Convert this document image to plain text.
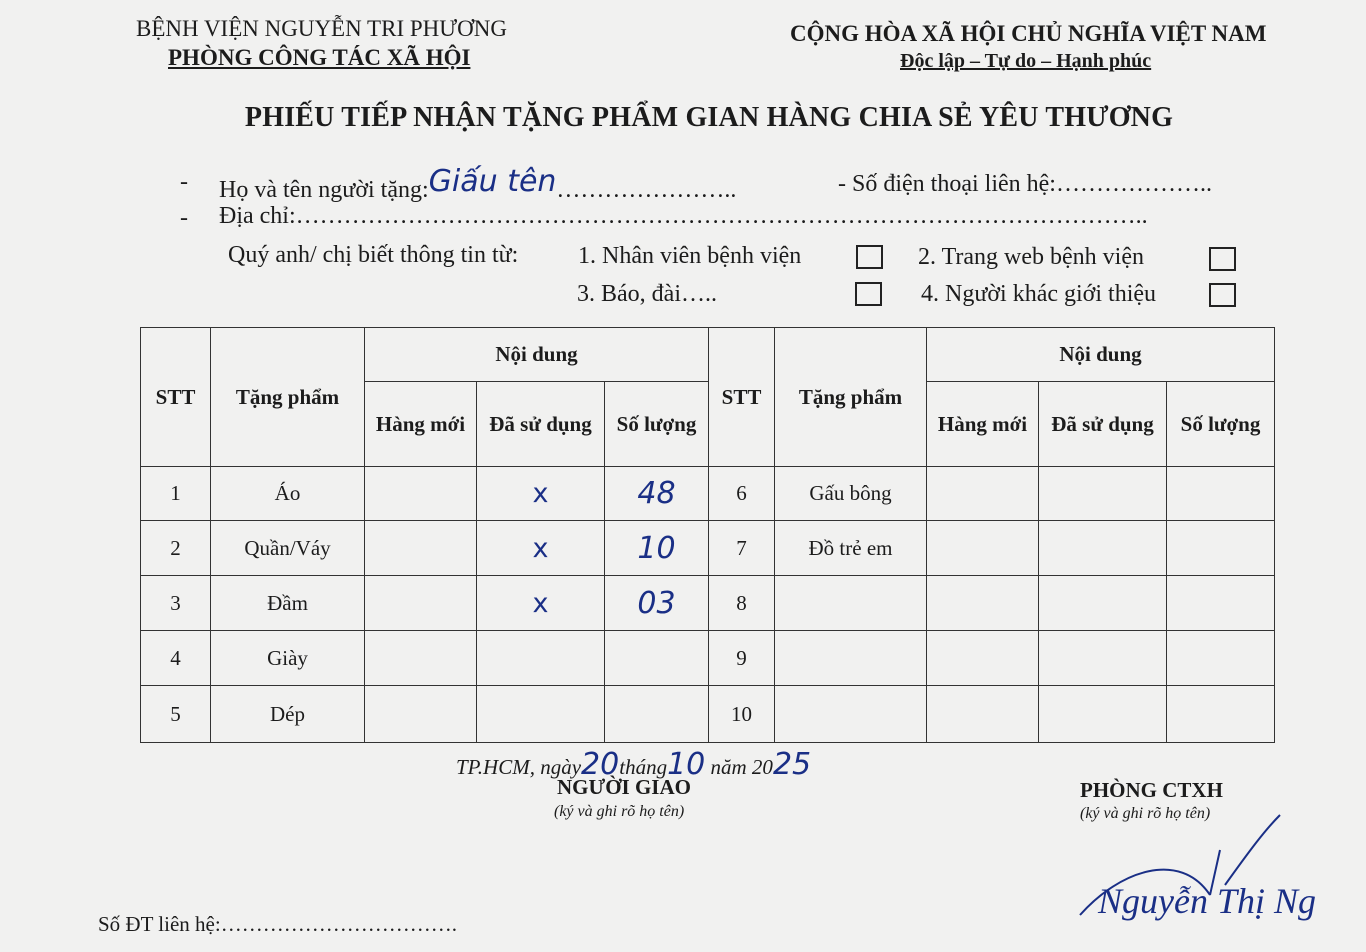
BỆNH VIỆN NGUYỄN TRI PHƯƠNG
PHÒNG CÔNG TÁC XÃ HỘI
CỘNG HÒA XÃ HỘI CHỦ NGHĨA VIỆT NAM
Độc lập – Tự do – Hạnh phúc
PHIẾU TIẾP NHẬN TẶNG PHẨM GIAN HÀNG CHIA SẺ YÊU THƯƠNG
- Họ và tên người tặng:Giấu tên…………………..	- Số điện thoại liên hệ:………………..
- Địa chỉ:……………………………………………………………………………………………..
Quý anh/ chị biết thông tin từ: 1. Nhân viên bệnh viện	2. Trang web bệnh viện
3. Báo, đài…..	4. Người khác giới thiệu
STT	Tặng phẩm	Nội dung			STT	Tặng phẩm	Nội dung		
		Hàng mới	Đã sử dụng	Số lượng			Hàng mới	Đã sử dụng	Số lượng
1	Áo		x	48	6	Gấu bông			
2	Quần/Váy		x	10	7	Đồ trẻ em			
3	Đầm		x	03	8				
4	Giày				9				
5	Dép				10				
TP.HCM, ngày20tháng10 năm 2025
NGƯỜI GIAO
(ký và ghi rõ họ tên)
PHÒNG CTXH
(ký và ghi rõ họ tên)
Nguyễn Thị Ng
Số ĐT liên hệ:…………………………….
